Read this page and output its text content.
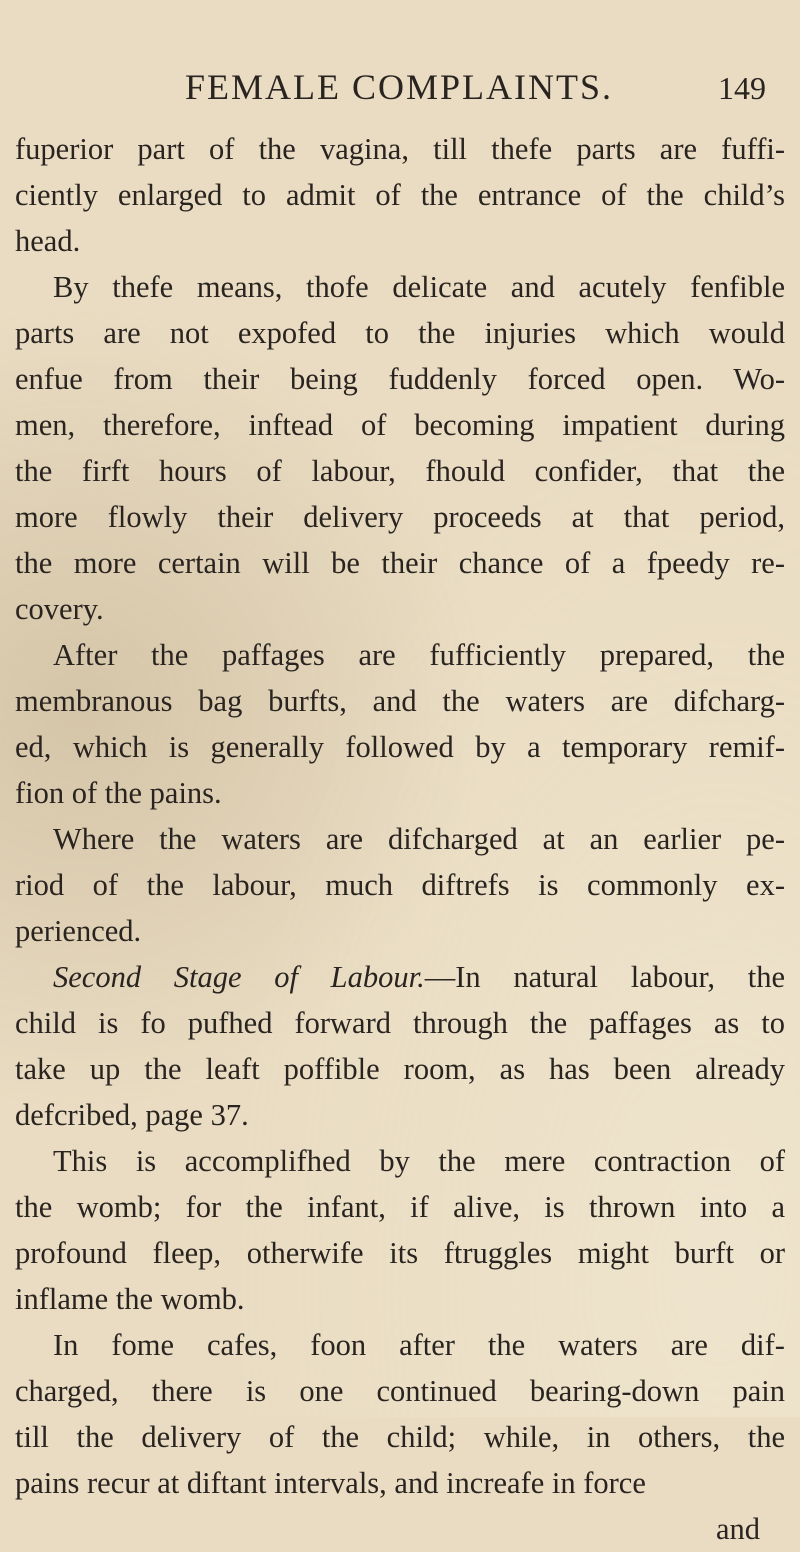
FEMALE COMPLAINTS.	149
fuperior part of the vagina, till thefe parts are fuffi-
ciently enlarged to admit of the entrance of the child’s
head.
By thefe means, thofe delicate and acutely fenfible
parts are not expofed to the injuries which would
enfue from their being fuddenly forced open. Wo-
men, therefore, inftead of becoming impatient during
the firft hours of labour, fhould confider, that the
more flowly their delivery proceeds at that period,
the more certain will be their chance of a fpeedy re-
covery.
After the paffages are fufficiently prepared, the
membranous bag burfts, and the waters are difcharg-
ed, which is generally followed by a temporary remif-
fion of the pains.
Where the waters are difcharged at an earlier pe-
riod of the labour, much diftrefs is commonly ex-
perienced.
Second Stage of Labour.—In natural labour, the
child is fo pufhed forward through the paffages as to
take up the leaft poffible room, as has been already
defcribed, page 37.
This is accomplifhed by the mere contraction of
the womb; for the infant, if alive, is thrown into a
profound fleep, otherwife its ftruggles might burft or
inflame the womb.
In fome cafes, foon after the waters are dif-
charged, there is one continued bearing-down pain
till the delivery of the child; while, in others, the
pains recur at diftant intervals, and increafe in force
and
